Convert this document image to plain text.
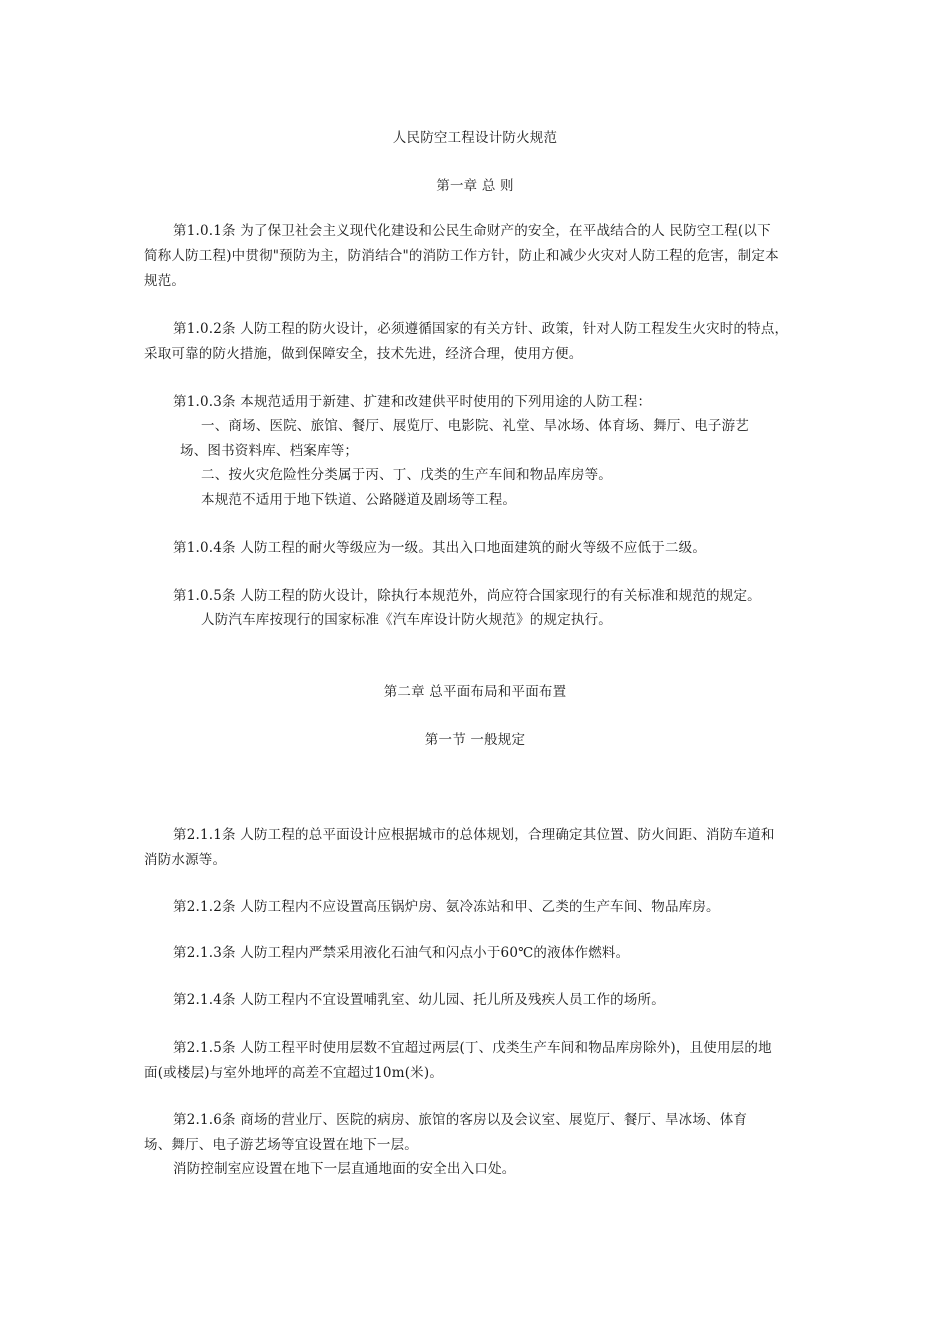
人民防空工程设计防火规范
第一章 总 则
第1.0.1条 为了保卫社会主义现代化建设和公民生命财产的安全，在平战结合的人 民防空工程(以下
简称人防工程)中贯彻"预防为主，防消结合"的消防工作方针，防止和减少火灾对人防工程的危害，制定本
规范。
第1.0.2条 人防工程的防火设计，必须遵循国家的有关方针、政策，针对人防工程发生火灾时的特点，
采取可靠的防火措施，做到保障安全，技术先进，经济合理，使用方便。
第1.0.3条 本规范适用于新建、扩建和改建供平时使用的下列用途的人防工程：
一、商场、医院、旅馆、餐厅、展览厅、电影院、礼堂、旱冰场、体育场、舞厅、电子游艺
场、图书资料库、档案库等；
二、按火灾危险性分类属于丙、丁、戊类的生产车间和物品库房等。
本规范不适用于地下铁道、公路隧道及剧场等工程。
第1.0.4条 人防工程的耐火等级应为一级。其出入口地面建筑的耐火等级不应低于二级。
第1.0.5条 人防工程的防火设计，除执行本规范外，尚应符合国家现行的有关标准和规范的规定。
人防汽车库按现行的国家标准《汽车库设计防火规范》的规定执行。
第二章 总平面布局和平面布置
第一节 一般规定
第2.1.1条 人防工程的总平面设计应根据城市的总体规划，合理确定其位置、防火间距、消防车道和
消防水源等。
第2.1.2条 人防工程内不应设置高压锅炉房、氨冷冻站和甲、乙类的生产车间、物品库房。
第2.1.3条 人防工程内严禁采用液化石油气和闪点小于60℃的液体作燃料。
第2.1.4条 人防工程内不宜设置哺乳室、幼儿园、托儿所及残疾人员工作的场所。
第2.1.5条 人防工程平时使用层数不宜超过两层(丁、戊类生产车间和物品库房除外)，且使用层的地
面(或楼层)与室外地坪的高差不宜超过10m(米)。
第2.1.6条 商场的营业厅、医院的病房、旅馆的客房以及会议室、展览厅、餐厅、旱冰场、体育
场、舞厅、电子游艺场等宜设置在地下一层。
消防控制室应设置在地下一层直通地面的安全出入口处。
